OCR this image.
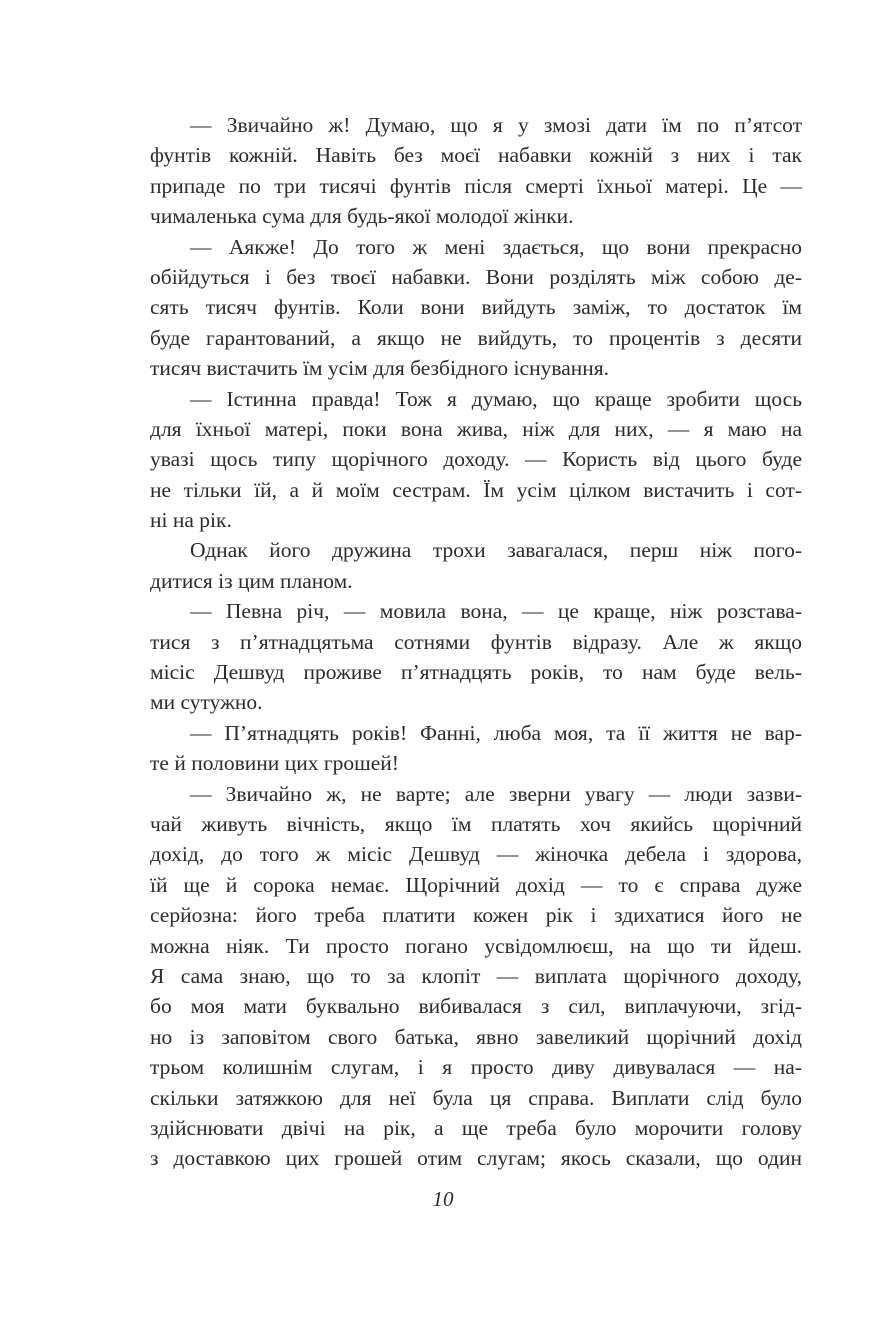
— Звичайно ж! Думаю, що я у змозі дати їм по п’ятсот
фунтів кожній. Навіть без моєї набавки кожній з них і так
припаде по три тисячі фунтів після смерті їхньої матері. Це —
чималенька сума для будь-якої молодої жінки.
— Аякже! До того ж мені здається, що вони прекрасно
обійдуться і без твоєї набавки. Вони розділять між собою де-
сять тисяч фунтів. Коли вони вийдуть заміж, то достаток їм
буде гарантований, а якщо не вийдуть, то процентів з десяти
тисяч вистачить їм усім для безбідного існування.
— Істинна правда! Тож я думаю, що краще зробити щось
для їхньої матері, поки вона жива, ніж для них, — я маю на
увазі щось типу щорічного доходу. — Користь від цього буде
не тільки їй, а й моїм сестрам. Їм усім цілком вистачить і сот-
ні на рік.
Однак його дружина трохи завагалася, перш ніж пого-
дитися із цим планом.
— Певна річ, — мовила вона, — це краще, ніж розстава-
тися з п’ятнадцятьма сотнями фунтів відразу. Але ж якщо
місіс Дешвуд проживе п’ятнадцять років, то нам буде вель-
ми сутужно.
— П’ятнадцять років! Фанні, люба моя, та її життя не вар-
те й половини цих грошей!
— Звичайно ж, не варте; але зверни увагу — люди зазви-
чай живуть вічність, якщо їм платять хоч якийсь щорічний
дохід, до того ж місіс Дешвуд — жіночка дебела і здорова,
їй ще й сорока немає. Щорічний дохід — то є справа дуже
серйозна: його треба платити кожен рік і здихатися його не
можна ніяк. Ти просто погано усвідомлюєш, на що ти йдеш.
Я сама знаю, що то за клопіт — виплата щорічного доходу,
бо моя мати буквально вибивалася з сил, виплачуючи, згід-
но із заповітом свого батька, явно завеликий щорічний дохід
трьом колишнім слугам, і я просто диву дивувалася — на-
скільки затяжкою для неї була ця справа. Виплати слід було
здійснювати двічі на рік, а ще треба було морочити голову
з доставкою цих грошей отим слугам; якось сказали, що один
10
